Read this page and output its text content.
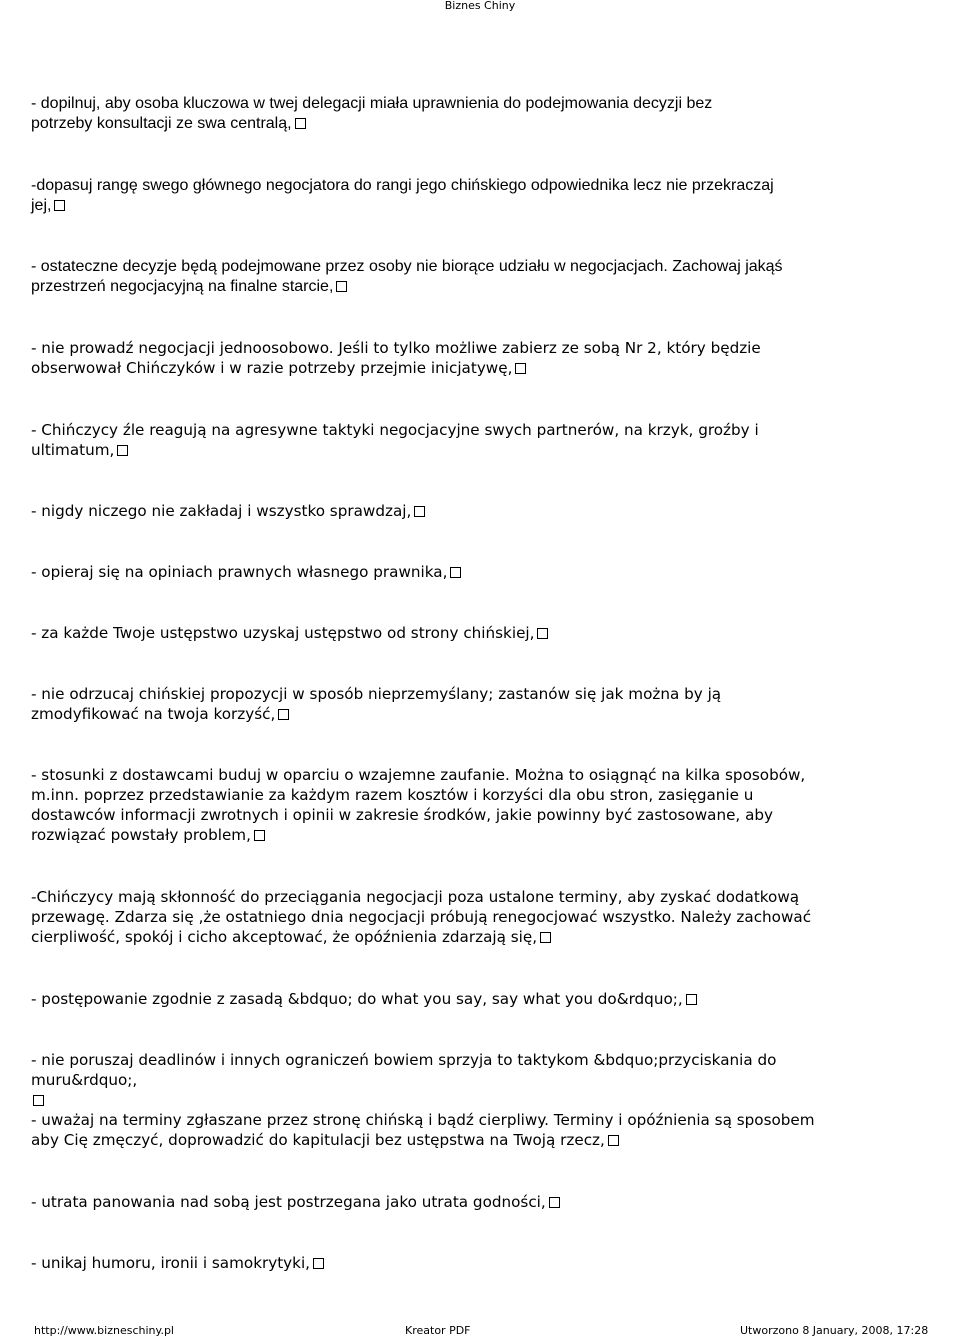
Biznes Chiny

- dopilnuj, aby osoba kluczowa w twej delegacji miała uprawnienia do podejmowania decyzji bez
potrzeby konsultacji ze swa centralą,

-dopasuj rangę swego głównego negocjatora do rangi jego chińskiego odpowiednika lecz nie przekraczaj
jej,

- ostateczne decyzje będą podejmowane przez osoby nie biorące udziału w negocjacjach. Zachowaj jakąś
przestrzeń negocjacyjną na finalne starcie,

- nie prowadź negocjacji jednoosobowo. Jeśli to tylko możliwe zabierz ze sobą Nr 2, który będzie
obserwował Chińczyków i w razie potrzeby przejmie inicjatywę,

- Chińczycy źle reagują na agresywne taktyki negocjacyjne swych partnerów, na krzyk, groźby i
ultimatum,

- nigdy niczego nie zakładaj i wszystko sprawdzaj,

- opieraj się na opiniach prawnych własnego prawnika,

- za każde Twoje ustępstwo uzyskaj ustępstwo od strony chińskiej,

- nie odrzucaj chińskiej propozycji w sposób nieprzemyślany; zastanów się jak można by ją
zmodyfikować na twoja korzyść,

- stosunki z dostawcami buduj w oparciu o wzajemne zaufanie. Można to osiągnąć na kilka sposobów,
m.inn. poprzez przedstawianie za każdym razem kosztów i korzyści dla obu stron, zasięganie u
dostawców informacji zwrotnych i opinii w zakresie środków, jakie powinny być zastosowane, aby
rozwiązać powstały problem,

-Chińczycy mają skłonność do przeciągania negocjacji poza ustalone terminy, aby zyskać dodatkową
przewagę. Zdarza się ,że ostatniego dnia negocjacji próbują renegocjować wszystko. Należy zachować
cierpliwość, spokój i cicho akceptować, że opóźnienia zdarzają się,

- postępowanie zgodnie z zasadą &bdquo; do what you say, say what you do&rdquo;,

- nie poruszaj deadlinów i innych ograniczeń bowiem sprzyja to taktykom &bdquo;przyciskania do
muru&rdquo;,

- uważaj na terminy zgłaszane przez stronę chińską i bądź cierpliwy. Terminy i opóźnienia są sposobem
aby Cię zmęczyć, doprowadzić do kapitulacji bez ustępstwa na Twoją rzecz,

- utrata panowania nad sobą jest postrzegana jako utrata godności,

- unikaj humoru, ironii i samokrytyki,

http://www.bizneschiny.pl	Kreator PDF	Utworzono 8 January, 2008, 17:28
